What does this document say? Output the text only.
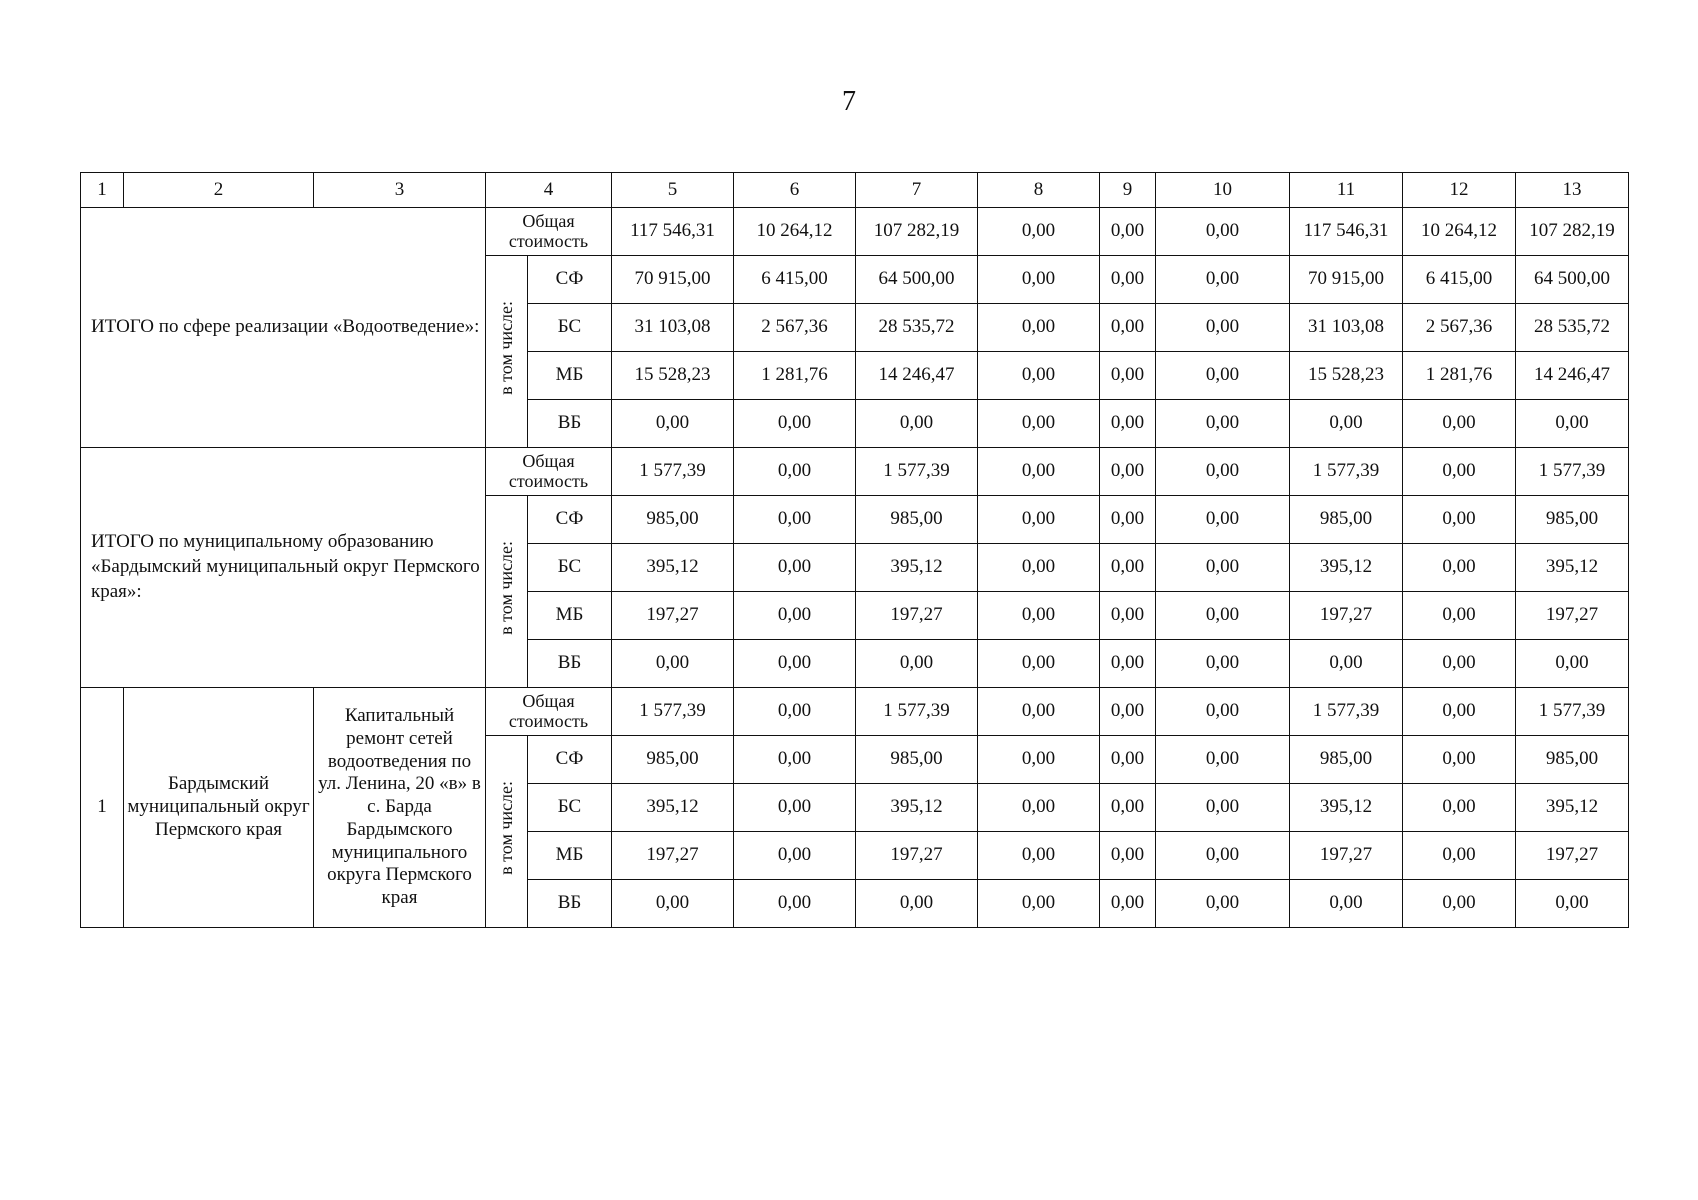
7
1	2	3	4		5	6	7	8	9	10	11	12	13
ИТОГО по сфере реализации «Водоотведение»:			Общая стоимость		117 546,31	10 264,12	107 282,19	0,00	0,00	0,00	117 546,31	10 264,12	107 282,19
			в том числе:	СФ	70 915,00	6 415,00	64 500,00	0,00	0,00	0,00	70 915,00	6 415,00	64 500,00
				БС	31 103,08	2 567,36	28 535,72	0,00	0,00	0,00	31 103,08	2 567,36	28 535,72
				МБ	15 528,23	1 281,76	14 246,47	0,00	0,00	0,00	15 528,23	1 281,76	14 246,47
				ВБ	0,00	0,00	0,00	0,00	0,00	0,00	0,00	0,00	0,00
ИТОГО по муниципальному образованию «Бардымский муниципальный округ Пермского края»:			Общая стоимость		1 577,39	0,00	1 577,39	0,00	0,00	0,00	1 577,39	0,00	1 577,39
			в том числе:	СФ	985,00	0,00	985,00	0,00	0,00	0,00	985,00	0,00	985,00
				БС	395,12	0,00	395,12	0,00	0,00	0,00	395,12	0,00	395,12
				МБ	197,27	0,00	197,27	0,00	0,00	0,00	197,27	0,00	197,27
				ВБ	0,00	0,00	0,00	0,00	0,00	0,00	0,00	0,00	0,00
1	Бардымский муниципальный округ Пермского края	Капитальный ремонт сетей водоотведения по ул. Ленина, 20 «в» в с. Барда Бардымского муниципального округа Пермского края	Общая стоимость		1 577,39	0,00	1 577,39	0,00	0,00	0,00	1 577,39	0,00	1 577,39
			в том числе:	СФ	985,00	0,00	985,00	0,00	0,00	0,00	985,00	0,00	985,00
				БС	395,12	0,00	395,12	0,00	0,00	0,00	395,12	0,00	395,12
				МБ	197,27	0,00	197,27	0,00	0,00	0,00	197,27	0,00	197,27
				ВБ	0,00	0,00	0,00	0,00	0,00	0,00	0,00	0,00	0,00
